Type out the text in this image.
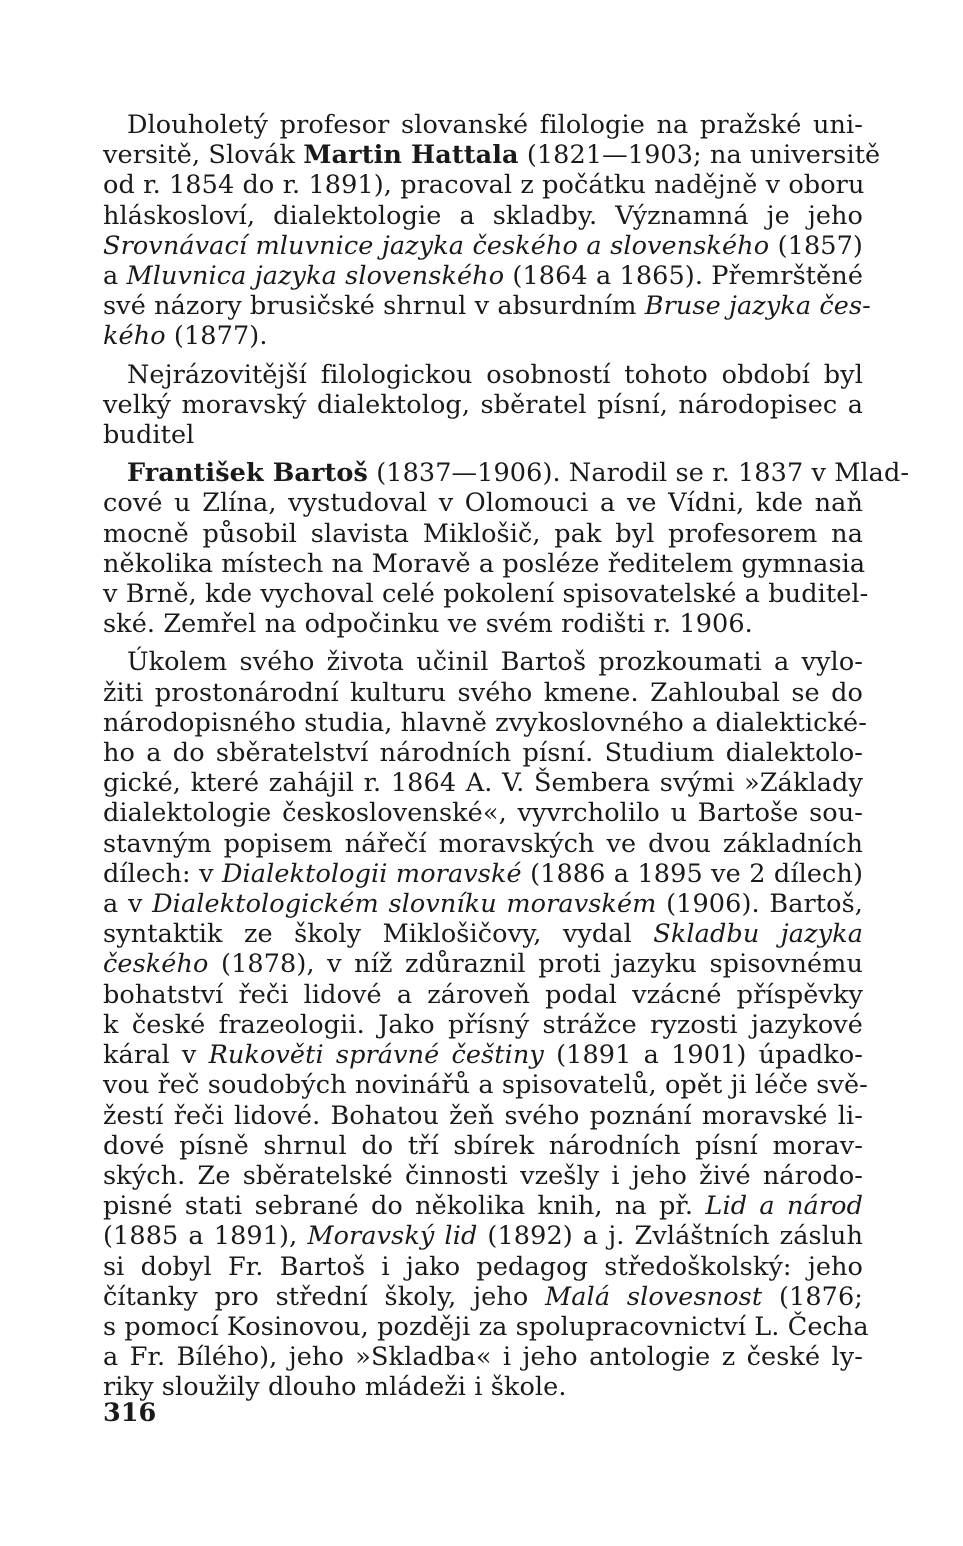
Dlouholetý profesor slovanské filologie na pražské uni-
versitě, Slovák Martin Hattala (1821—1903; na universitě
od r. 1854 do r. 1891), pracoval z počátku nadějně v oboru
hláskosloví, dialektologie a skladby. Významná je jeho
Srovnávací mluvnice jazyka českého a slovenského (1857)
a Mluvnica jazyka slovenského (1864 a 1865). Přemrštěné
své názory brusičské shrnul v absurdním Bruse jazyka čes-
kého (1877).
Nejrázovitější filologickou osobností tohoto období byl
velký moravský dialektolog, sběratel písní, národopisec a
buditel
František Bartoš (1837—1906). Narodil se r. 1837 v Mlad-
cové u Zlína, vystudoval v Olomouci a ve Vídni, kde naň
mocně působil slavista Miklošič, pak byl profesorem na
několika místech na Moravě a posléze ředitelem gymnasia
v Brně, kde vychoval celé pokolení spisovatelské a buditel-
ské. Zemřel na odpočinku ve svém rodišti r. 1906.
Úkolem svého života učinil Bartoš prozkoumati a vylo-
žiti prostonárodní kulturu svého kmene. Zahloubal se do
národopisného studia, hlavně zvykoslovného a dialektické-
ho a do sběratelství národních písní. Studium dialektolo-
gické, které zahájil r. 1864 A. V. Šembera svými »Základy
dialektologie československé«, vyvrcholilo u Bartoše sou-
stavným popisem nářečí moravských ve dvou základních
dílech: v Dialektologii moravské (1886 a 1895 ve 2 dílech)
a v Dialektologickém slovníku moravském (1906). Bartoš,
syntaktik ze školy Miklošičovy, vydal Skladbu jazyka
českého (1878), v níž zdůraznil proti jazyku spisovnému
bohatství řeči lidové a zároveň podal vzácné příspěvky
k české frazeologii. Jako přísný strážce ryzosti jazykové
káral v Rukověti správné češtiny (1891 a 1901) úpadko-
vou řeč soudobých novinářů a spisovatelů, opět ji léče svě-
žestí řeči lidové. Bohatou žeň svého poznání moravské li-
dové písně shrnul do tří sbírek národních písní morav-
ských. Ze sběratelské činnosti vzešly i jeho živé národo-
pisné stati sebrané do několika knih, na př. Lid a národ
(1885 a 1891), Moravský lid (1892) a j. Zvláštních zásluh
si dobyl Fr. Bartoš i jako pedagog středoškolský: jeho
čítanky pro střední školy, jeho Malá slovesnost (1876;
s pomocí Kosinovou, později za spolupracovnictví L. Čecha
a Fr. Bílého), jeho »Skladba« i jeho antologie z české ly-
riky sloužily dlouho mládeži i škole.
316
